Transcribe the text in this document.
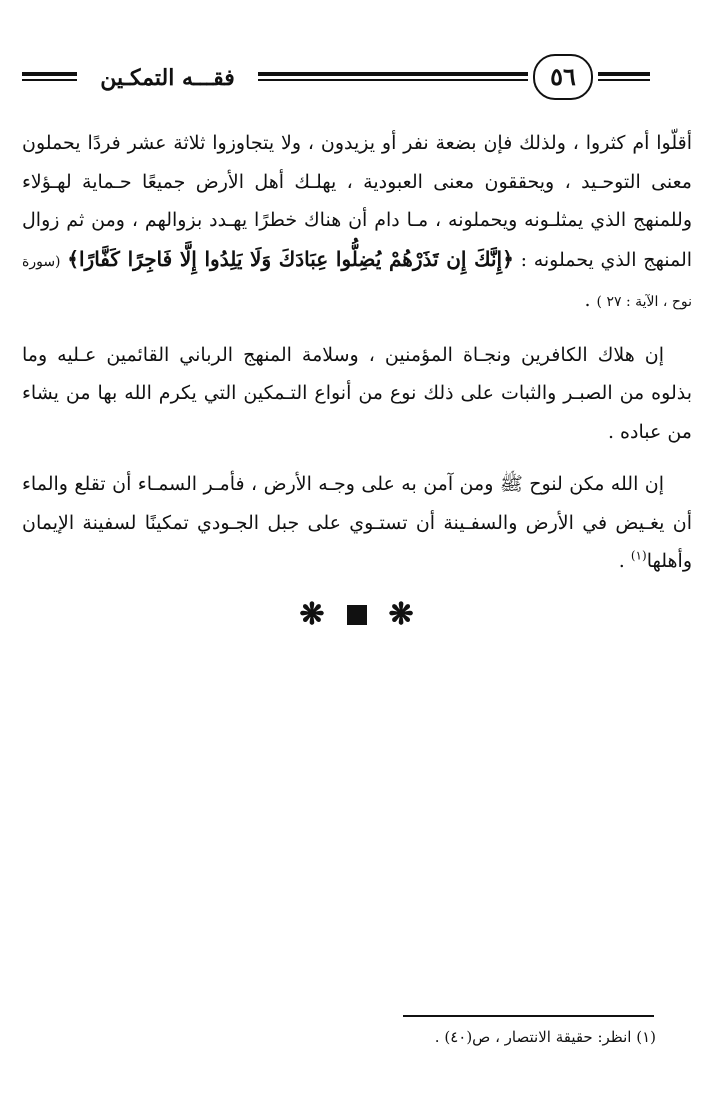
٥٦
فقـــه التمكـين

أقلّوا أم كثروا ، ولذلك فإن بضعة نفر أو يزيدون ، ولا يتجاوزوا ثلاثة عشر فردًا يحملون معنى التوحـيد ، ويحققون معنى العبودية ، يهلـك أهل الأرض جميعًا حـماية لهـؤلاء وللمنهج الذي يمثلـونه ويحملونه ، مـا دام أن هناك خطرًا يهـدد بزوالهم ، ومن ثم زوال المنهج الذي يحملونه : ﴿إِنَّكَ إِن تَذَرْهُمْ يُضِلُّوا عِبَادَكَ وَلَا يَلِدُوا إِلَّا فَاجِرًا كَفَّارًا﴾ (سورة نوح ، الآية : ٢٧ ) .

إن هلاك الكافرين ونجـاة المؤمنين ، وسلامة المنهج الرباني القائمين عـليه وما بذلوه من الصبـر والثبات على ذلك نوع من أنواع التـمكين التي يكرم الله بها من يشاء من عباده .

إن الله مكن لنوح ﷺ ومن آمن به على وجـه الأرض ، فأمـر السمـاء أن تقلع والماء أن يغـيض في الأرض والسفـينة أن تستـوي على جبل الجـودي تمكينًا لسفينة الإيمان وأهلها$^{(١)}$ .

❋ ❋
(١) انظر: حقيقة الانتصار ، ص(٤٠) .
